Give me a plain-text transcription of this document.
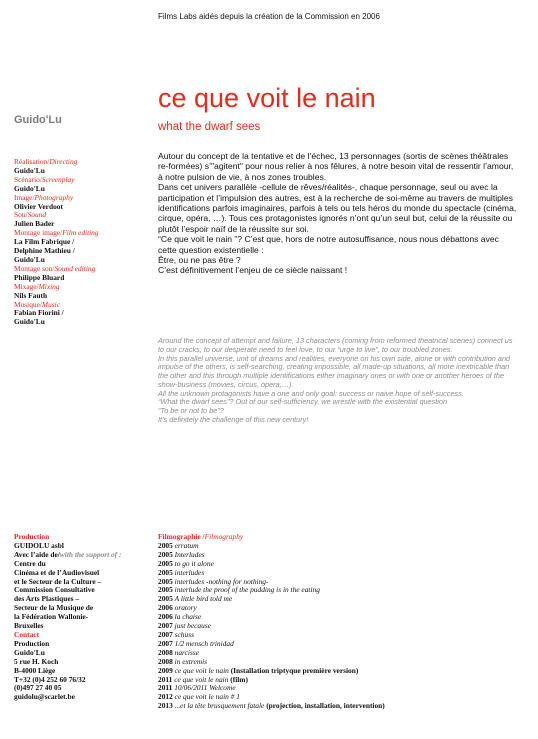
Films Labs aidés depuis la création de la Commission en 2006
Guido'Lu
ce que voit le nain
what the dwarf sees

Autour du concept de la tentative et de l’échec, 13 personnages (sortis de scènes théâtrales re-formées) s’"agitent" pour nous relier à nos fêlures, à notre besoin vital de ressentir l’amour, à notre pulsion de vie, à nos zones troubles.

Dans cet univers parallèle -cellule de rêves/réalités-, chaque personnage, seul ou avec la participation et l’impulsion des autres, est à la recherche de soi-même au travers de multiples identifications parfois imaginaires, parfois à tels ou tels héros du monde du spectacle (cinéma, cirque, opéra, …). Tous ces protagonistes ignorés n’ont qu’un seul but, celui de la réussite ou plutôt l’espoir naïf de la réussite sur soi.

“Ce que voit le nain ”? C’est que, hors de notre autosuffisance, nous nous débattons avec cette question existentielle :

Être, ou ne pas être ?

C’est définitivement l’enjeu de ce siècle naissant !

Around the concept of attempt and failure, 13 characters (coming from reformed theatrical scenes) connect us to our cracks, to our desperate need to feel love, to our “urge to live”, to our troubled zones.

In this parallel universe, unit of dreams and realities, everyone on his own side, alone or with contribution and impulse of the others, is self-searching, creating impossible, all made-up situations, all more inextricable than the other and this through multiple identifications either imaginary ones or with one or another heroes of the show-business (movies, circus, opera,…).

All the unknown protagonists have a one and only goal: success or naive hope of self-success.

“What the dwarf sees”? Out of our self-sufficiency, we wrestle with the existential question

“To be or not to be”?

It’s definitely the challenge of this new century!

Réalisation/Directing
Guido'Lu
Scénario/Screenplay
Guido'Lu
Image/Photography
Olivier Verdoot
Son/Sound
Julien Bader
Montage image/Film editing
La Film Fabrique /
Delphine Mathieu /
Guido'Lu
Montage son/Sound editing
Philippe Bluard
Mixage/Mixing
Nils Fauth
Musique/Music
Fabian Fiorini /
Guido'Lu
Production
GUIDOLU asbl
Avec l’aide de/with the support of :
Centre du
Cinéma et de l’Audiovisuel
et le Secteur de la Culture –
Commission Consultative
des Arts Plastiques –
Secteur de la Musique de
la Fédération Wallonie-
Bruxelles
Contact
Production
Guido'Lu
5 rue H. Koch
B-4000 Liège
T+32 (0)4 252 60 76/32
(0)497 27 40 05
guidolu@scarlet.be
Filmographie /Filmography
2005 erratum
2005 Interludes
2005 to go it alone
2005 interludes
2005 interludes -nothing for nothing-
2005 interlude the proof of the pudding is in the eating
2005 A little bird told me
2006 oratory
2006 la chaise
2007 just because
2007 schuss
2007 1/2 mensch trinidad
2008 narcisse
2008 in extremis
2009 ce que voit le nain (Installation triptyque première version)
2011 ce que voit le nain (film)
2011 10/06/2011 Welcome
2012 ce que voit le nain # 1
2013 ...et la tête brusquement fatale (projection, installation, intervention)
